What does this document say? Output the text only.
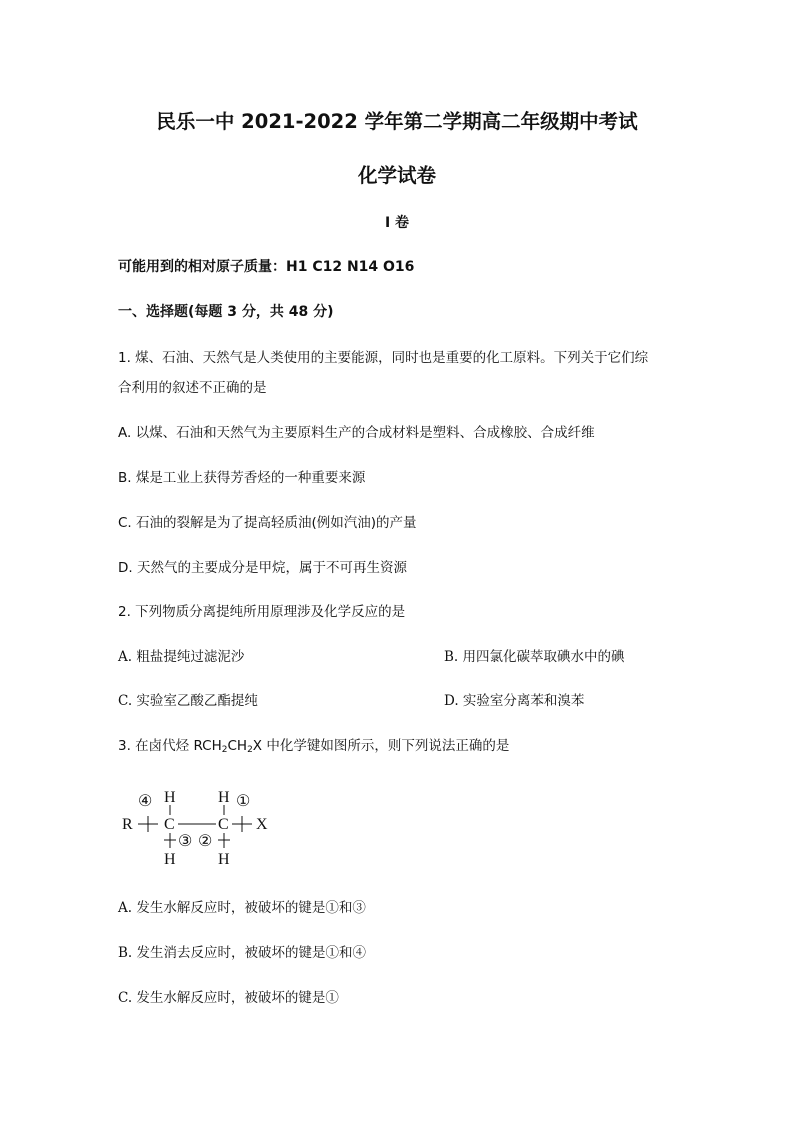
民乐一中 2021-2022 学年第二学期高二年级期中考试
化学试卷
I 卷
可能用到的相对原子质量：H1 C12 N14 O16
一、选择题(每题 3 分，共 48 分)
1. 煤、石油、天然气是人类使用的主要能源，同时也是重要的化工原料。下列关于它们综
合利用的叙述不正确的是
A. 以煤、石油和天然气为主要原料生产的合成材料是塑料、合成橡胶、合成纤维
B. 煤是工业上获得芳香烃的一种重要来源
C. 石油的裂解是为了提高轻质油(例如汽油)的产量
D. 天然气的主要成分是甲烷，属于不可再生资源
2. 下列物质分离提纯所用原理涉及化学反应的是
A. 粗盐提纯过滤泥沙	B. 用四氯化碳萃取碘水中的碘
C. 实验室乙酸乙酯提纯	D. 实验室分离苯和溴苯
3. 在卤代烃 $RCH_2CH_2X$ 中化学键如图所示，则下列说法正确的是
H	H
④	①
R C	C X
③ ②
H	H
A. 发生水解反应时，被破坏的键是①和③
B. 发生消去反应时，被破坏的键是①和④
C. 发生水解反应时，被破坏的键是①
